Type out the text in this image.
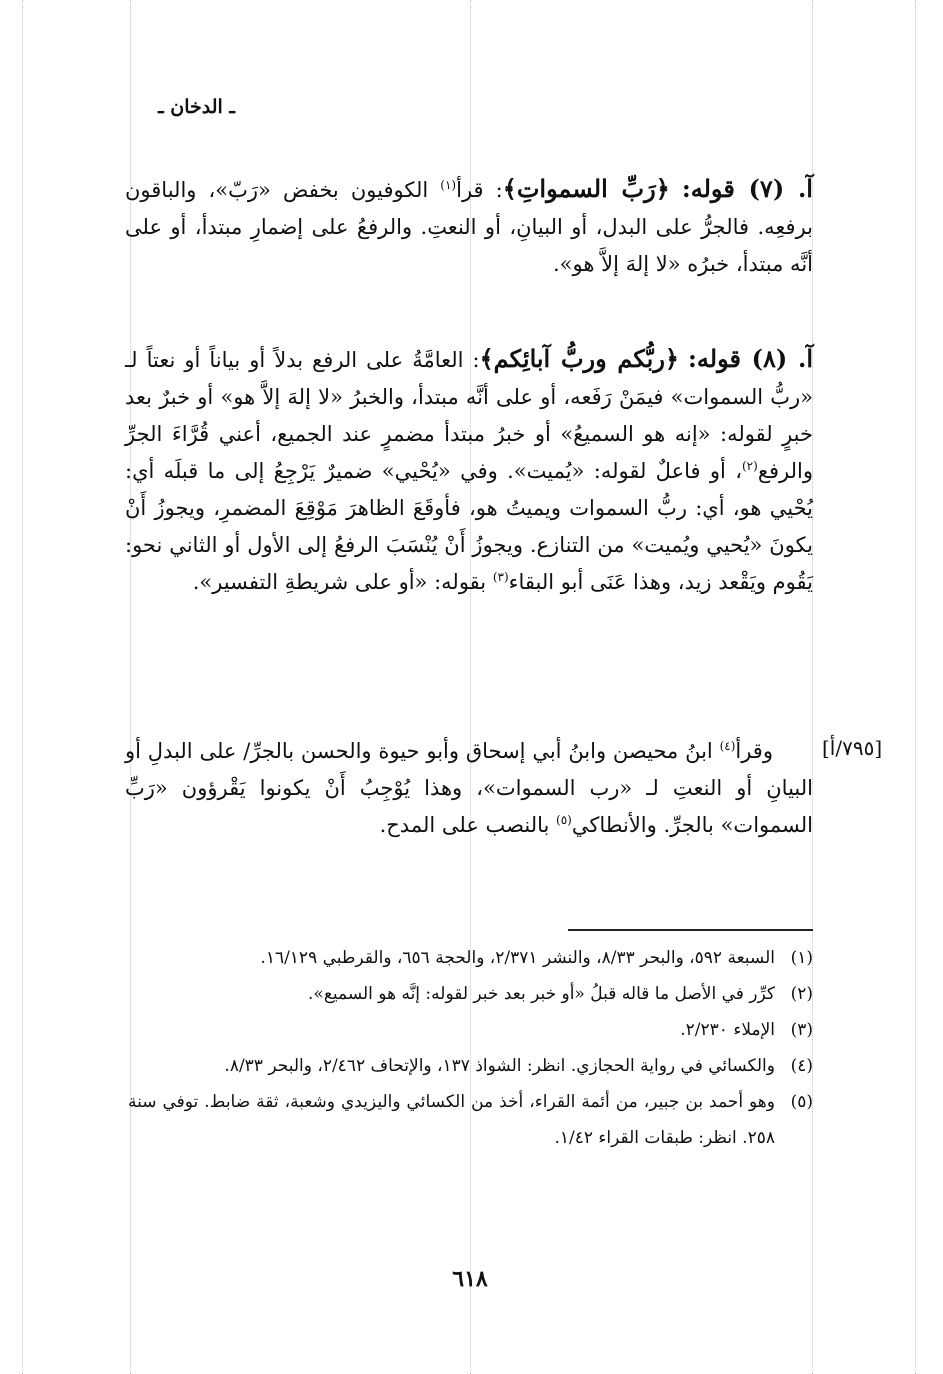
ـ الدخان ـ

آ. (٧) قوله: ﴿رَبِّ السمواتِ﴾: قرأ$^{(١)}$ الكوفيون بخفض «رَبّ»، والباقون برفعِه. فالجرُّ على البدل، أو البيانِ، أو النعتِ. والرفعُ على إضمارِ مبتدأ، أو على أنَّه مبتدأ، خبرُه «لا إلهَ إلاَّ هو».

آ. (٨) قوله: ﴿ربُّكم وربُّ آبائِكم﴾: العامَّةُ على الرفع بدلاً أو بياناً أو نعتاً لـ «ربُّ السموات» فيمَنْ رَفَعه، أو على أنَّه مبتدأ، والخبرُ «لا إلهَ إلاَّ هو» أو خبرٌ بعد خبرٍ لقوله: «إنه هو السميعُ» أو خبرُ مبتدأ مضمرٍ عند الجميع، أعني قُرَّاءَ الجرِّ والرفع$^{(٢)}$، أو فاعلٌ لقوله: «يُميت». وفي «يُحْيي» ضميرٌ يَرْجِعُ إلى ما قبلَه أي: يُحْيي هو، أي: ربُّ السموات ويميتُ هو، فأوقَعَ الظاهرَ مَوْقِعَ المضمرِ، ويجوزُ أَنْ يكونَ «يُحيي ويُميت» من التنازع. ويجوزُ أَنْ يُنْسَبَ الرفعُ إلى الأول أو الثاني نحو: يَقُوم ويَقْعد زيد، وهذا عَنَى أبو البقاء$^{(٣)}$ بقوله: «أو على شريطةِ التفسير».

[٧٩٥/أ]

وقرأ$^{(٤)}$ ابنُ محيصن وابنُ أبي إسحاق وأبو حيوة والحسن بالجرِّ/ على البدلِ أو البيانِ أو النعتِ لـ «رب السموات»، وهذا يُوْجِبُ أَنْ يكونوا يَقْرؤون «رَبِّ السموات» بالجرِّ. والأنطاكي$^{(٥)}$ بالنصب على المدح.

(١)
السبعة ٥٩٢، والبحر ٨/٣٣، والنشر ٢/٣٧١، والحجة ٦٥٦، والقرطبي ١٦/١٢٩.
(٢)
كرِّر في الأصل ما قاله قبلُ «أو خبر بعد خبر لقوله: إنَّه هو السميع».
(٣)
الإملاء ٢/٢٣٠.
(٤)
والكسائي في رواية الحجازي. انظر: الشواذ ١٣٧، والإتحاف ٢/٤٦٢، والبحر ٨/٣٣.
(٥)
وهو أحمد بن جبير، من أئمة القراء، أخذ من الكسائي واليزيدي وشعبة، ثقة ضابط. توفي سنة ٢٥٨. انظر: طبقات القراء ١/٤٢.
٦١٨
